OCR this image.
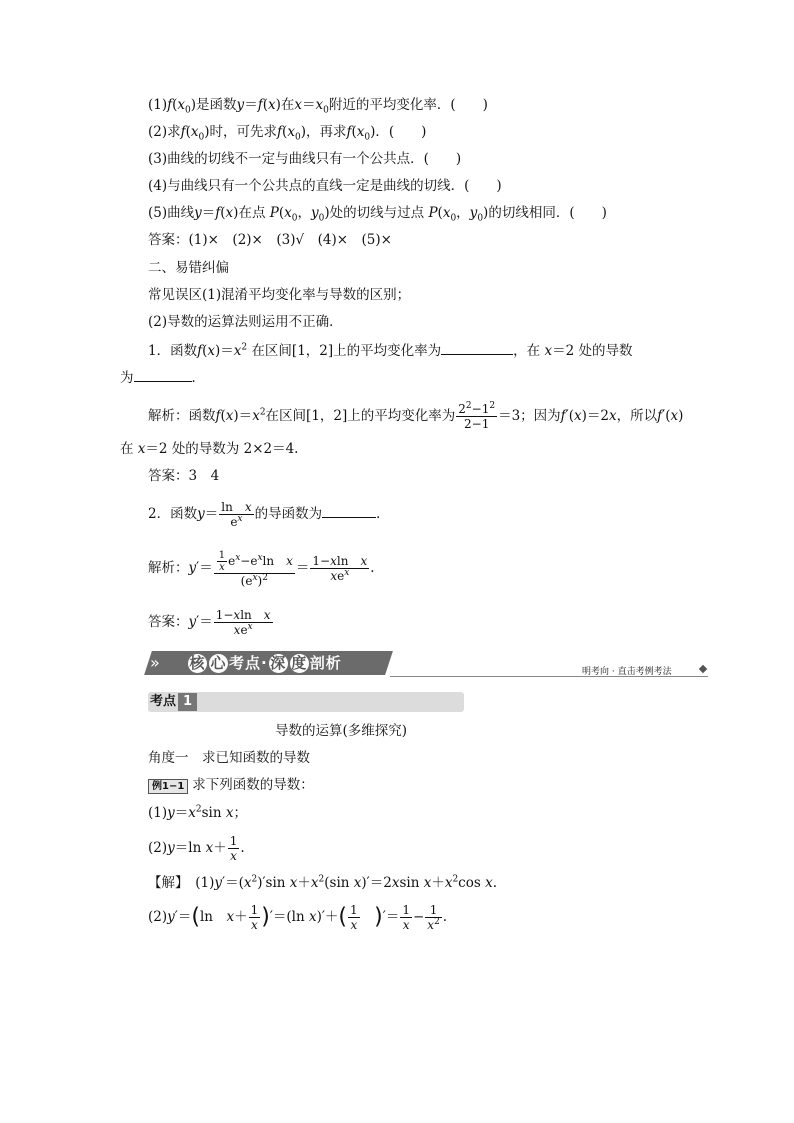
$(1)f(x_0)$是函数y＝f(x)在$x=x_0$附近的平均变化率．(　　)
(2)求$f(x_0)$时，可先求$f(x_0)$，再求$f(x_0)$．(　　)
(3)曲线的切线不一定与曲线只有一个公共点．(　　)
(4)与曲线只有一个公共点的直线一定是曲线的切线．(　　)
(5)曲线y＝f(x)在点 $P(x_0$，$y_0$)处的切线与过点 $P(x_0$，$y_0$)的切线相同．(　　)
答案：(1)×　(2)×　(3)√　(4)×　(5)×
二、易错纠偏
常见误区(1)混淆平均变化率与导数的区别；
(2)导数的运算法则运用不正确．
1．函数$f(x)=x^2$ 在区间[1，2]上的平均变化率为	，在 x＝2 处的导数
为	．
解析：函数$f(x)=x^2$在区间[1，2]上的平均变化率为 $\frac{2^2-1^2}{2-1} =3$；因为f′(x)＝2x，所以f′(x)
在 x＝2 处的导数为 2×2＝4.
答案：3　4
2．函数$y= \frac{\text{ln　x}}{e^x}$ 的导函数为	．
解析：$y'= \frac{\frac{1}{x} e^x-e^x\ln x}{(e^x)^2} = \frac{\text{1−xln　x}}{xe^x}$ .
答案：$y'= \frac{\text{1−xln　x}}{xe^x}$
» 核 心 考点· 深 度 剖析	明考向 · 直击考例考法
考点 1
导数的运算(多维探究)
角度一　求已知函数的导数
例1−1 求下列函数的导数：
$(1)y=x^2\sin$ x；
(2)y＝ln $x+ \frac{1}{x}$ .
【解】　$(1)y'=(x^2)'\sin$ $x+x^2(\sin$ x)′＝2xsin $x+x^2\cos$ x.
(2)y′＝(ln　$x+ \frac{1}{x} )'=(\ln$ $x)'+( \frac{1}{x}$
　 )′＝ $\frac{1}{x} - \frac{1}{x^2}$ .
